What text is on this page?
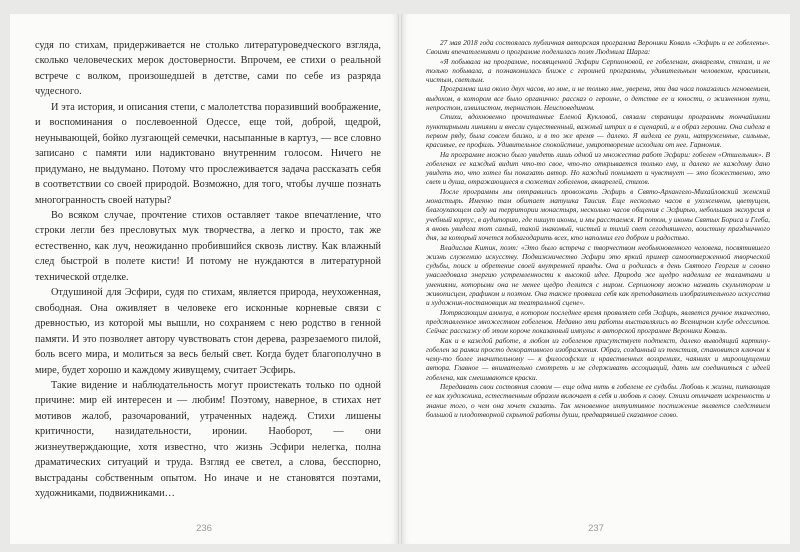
судя по стихам, придерживается не столько литературоведческого взгляда, сколько человеческих мерок достоверности. Впрочем, ее стихи о реальной встрече с волком, произошедшей в детстве, сами по себе из разряда чудесного.

И эта история, и описания степи, с малолетства поразивший воображение, и воспоминания о послевоенной Одессе, еще той, доброй, щедрой, неунывающей, бойко лузгающей семечки, насыпанные в картуз, — все словно записано с памяти или надиктовано внутренним голосом. Ничего не придумано, не выдумано. Потому что прослеживается задача рассказать себя в соответствии со своей природой. Возможно, для того, чтобы лучше познать многогранность своей натуры?

Во всяком случае, прочтение стихов оставляет такое впечатление, что строки легли без пресловутых мук творчества, а легко и просто, так же естественно, как луч, неожиданно пробившийся сквозь листву. Как влажный след быстрой в полете кисти! И потому не нуждаются в литературной технической отделке.

Отдушиной для Эсфири, судя по стихам, является природа, неухоженная, свободная. Она оживляет в человеке его исконные корневые связи с древностью, из которой мы вышли, но сохраняем с нею родство в генной памяти. И это позволяет автору чувствовать стон дерева, разрезаемого пилой, боль всего мира, и молиться за весь белый свет. Когда будет благополучно в мире, будет хорошо и каждому живущему, считает Эсфирь.

Такие видение и наблюдательность могут проистекать только по одной причине: мир ей интересен и — любим! Поэтому, наверное, в стихах нет мотивов жалоб, разочарований, утраченных надежд. Стихи лишены критичности, назидательности, иронии. Наоборот, — они жизнеутверждающие, хотя известно, что жизнь Эсфири нелегка, полна драматических ситуаций и труда. Взгляд ее светел, а слова, бесспорно, выстраданы собственным опытом. Но иначе и не становятся поэтами, художниками, подвижниками…

236

27 мая 2018 года состоялась публичная авторская программа Вероники Коваль «Эсфирь и ее гобелены». Своими впечатлениями о программе поделилась поэт Людмила Шарга:

«Я побывала на программе, посвященной Эсфири Серпионовой, ее гобеленам, акварелям, стихам, и не только побывала, а познакомилась ближе с героиней программы, удивительным человеком, красивым, чистым, светлым.

Программа шла около двух часов, но мне, и не только мне, уверена, эти два часа показались мгновением, выдохом, в котором все было органично: рассказ о героине, о детстве ее и юности, о жизненном пути, непростом, извилистом, тернистом. Неисповедимом.

Стихи, вдохновенно прочитанные Еленой Кукловой, связали страницы программы тончайшими пунктирными линиями и внесли существенный, важный штрих и в сценарий, и в образ героини. Она сидела в первом ряду, была совсем близко, и в то же время — далеко. Я видела ее руки, натруженные, сильные, красивые, ее профиль. Удивительное спокойствие, умиротворение исходили от нее. Гармония.

На программе можно было увидеть лишь одной из множества работ Эсфири: гобелен «Отшельник». В гобеленах ее каждый видит что-то свое, что-то открывается только ему, и далеко не каждому дано увидеть то, что хотел бы показать автор. Но каждый понимает и чувствует — это божественно, это свет и душа, отражающиеся в сюжетах гобеленов, акварелей, стихов.

После программы мы отправились провожать Эсфирь в Свято-Архангело-Михайловский женский монастырь. Именно там обитает матушка Таисия. Еще несколько часов в ухоженном, цветущем, благоухающем саду на территории монастыря, несколько часов общения с Эсфирью, небольшая экскурсия в учебный корпус, в аудиторию, где пишут иконы, и мы расстаемся. И потом, у иконы Святых Бориса и Глеба, я вновь увидела тот самый, такой знакомый, чистый и тихий свет сегодняшнего, воистину праздничного дня, за который хочется поблагодарить всех, кто наполнил его добром и радостью.

Владислав Китик, поэт: «Это было встреча с творчеством необыкновенного человека, посвятившего жизнь служению искусству. Подвижничество Эсфири это яркий пример самоотверженной творческой судьбы, поиск и обретение своей внутренней правды. Она и родилась в день Святого Георгия и словно унаследовала энергию устремленности к высокой идее. Природа же щедро наделила ее талантами и умениями, которыми она не менее щедро делится с миром. Серпионову можно назвать скульптором и живописцем, графиком и поэтом. Она также проявила себя как преподаватель изобразительного искусства и художник-постановщик на театральной сцене».

Потрясающим аммлуа, в котором последнее время проявляет себя Эсфирь, является ручное ткачество, представленное множеством гобеленов. Недавно эти работы выставлялись во Всемирном клубе одесситов. Сейчас расскажу об этом короче показанный импульс к авторской программе Вероники Коваль.

Как и в каждой работе, в любом из гобеленов присутствует подтекст, далеко выводящий картину-гобелен за рамки просто декоративного изображения. Образ, созданный из текстиля, становится ключом к чему-то более значительному — к философских и нравственных воззрениях, чаяниях и мироощущении автора. Главное — внимательно смотреть и не сдерживать ассоциаций, дать им соединиться с идеей гобелена, как смешиваются краски.

Передавать свои состояния словом — еще одна нить в гобелене ее судьбы. Любовь к жизни, питающая ее как художника, естественным образом включает в себя и любовь к слову. Стихи отличает искренность и знание того, о чем она хочет сказать. Так мгновенное интуитивное постижение является следствием большой и плодотворной скрытой работы души, предварявшей сказанное слово.

237
